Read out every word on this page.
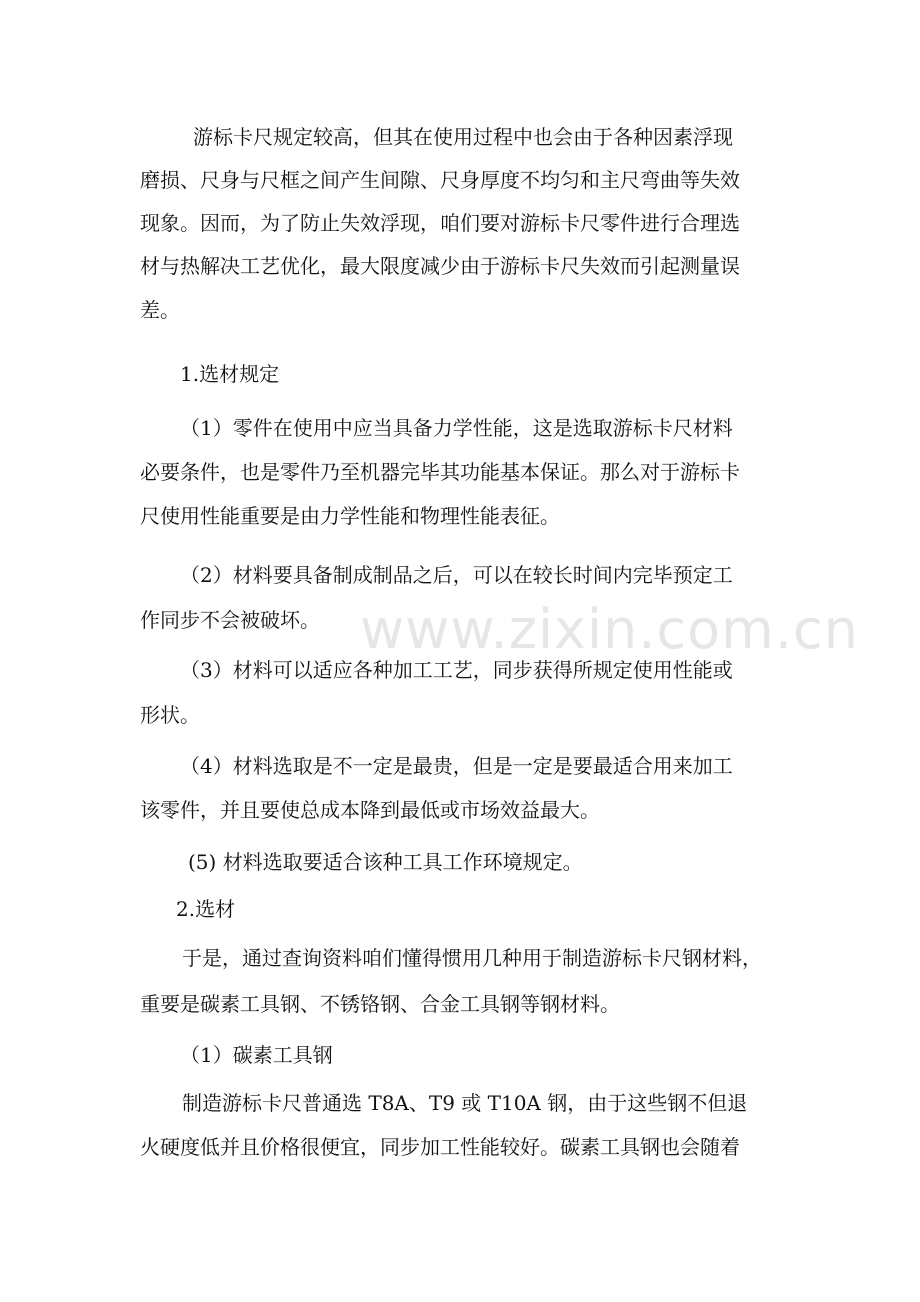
游标卡尺规定较高，但其在使用过程中也会由于各种因素浮现
磨损、尺身与尺框之间产生间隙、尺身厚度不均匀和主尺弯曲等失效
现象。因而，为了防止失效浮现，咱们要对游标卡尺零件进行合理选
材与热解决工艺优化，最大限度减少由于游标卡尺失效而引起测量误
差。
1.选材规定
（1）零件在使用中应当具备力学性能，这是选取游标卡尺材料
必要条件，也是零件乃至机器完毕其功能基本保证。那么对于游标卡
尺使用性能重要是由力学性能和物理性能表征。
（2）材料要具备制成制品之后，可以在较长时间内完毕预定工
作同步不会被破坏。
（3）材料可以适应各种加工工艺，同步获得所规定使用性能或
形状。
（4）材料选取是不一定是最贵，但是一定是要最适合用来加工
该零件，并且要使总成本降到最低或市场效益最大。
(5) 材料选取要适合该种工具工作环境规定。
2.选材
于是，通过查询资料咱们懂得惯用几种用于制造游标卡尺钢材料，
重要是碳素工具钢、不锈铬钢、合金工具钢等钢材料。
（1）碳素工具钢
制造游标卡尺普通选 T8A、T9 或 T10A 钢，由于这些钢不但退
火硬度低并且价格很便宜，同步加工性能较好。碳素工具钢也会随着
www.zixin.com.cn
